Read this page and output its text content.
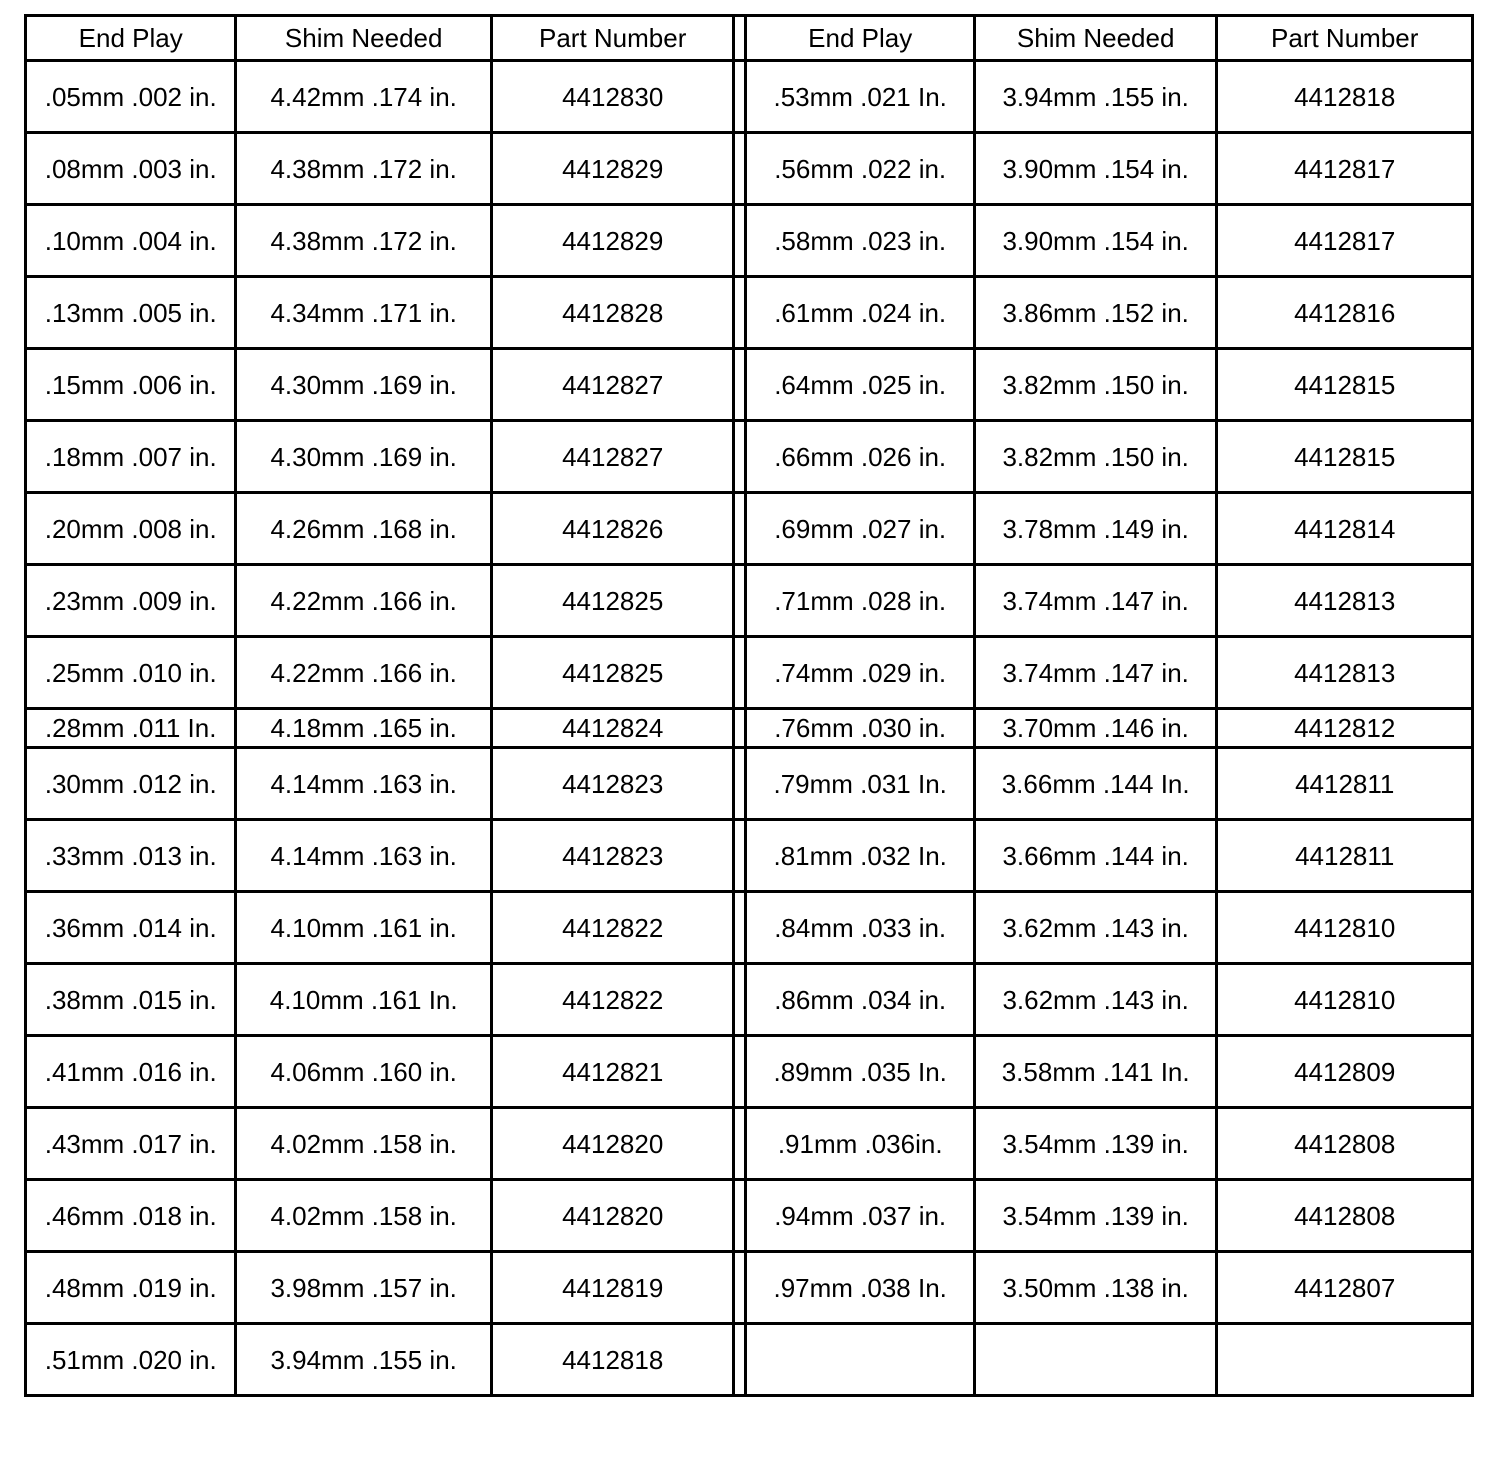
End Play	Shim Needed	Part Number		End Play	Shim Needed	Part Number
.05mm .002 in.	4.42mm .174 in.	4412830		.53mm .021 In.	3.94mm .155 in.	4412818
.08mm .003 in.	4.38mm .172 in.	4412829		.56mm .022 in.	3.90mm .154 in.	4412817
.10mm .004 in.	4.38mm .172 in.	4412829		.58mm .023 in.	3.90mm .154 in.	4412817
.13mm .005 in.	4.34mm .171 in.	4412828		.61mm .024 in.	3.86mm .152 in.	4412816
.15mm .006 in.	4.30mm .169 in.	4412827		.64mm .025 in.	3.82mm .150 in.	4412815
.18mm .007 in.	4.30mm .169 in.	4412827		.66mm .026 in.	3.82mm .150 in.	4412815
.20mm .008 in.	4.26mm .168 in.	4412826		.69mm .027 in.	3.78mm .149 in.	4412814
.23mm .009 in.	4.22mm .166 in.	4412825		.71mm .028 in.	3.74mm .147 in.	4412813
.25mm .010 in.	4.22mm .166 in.	4412825		.74mm .029 in.	3.74mm .147 in.	4412813
.28mm .011 In.	4.18mm .165 in.	4412824		.76mm .030 in.	3.70mm .146 in.	4412812
.30mm .012 in.	4.14mm .163 in.	4412823		.79mm .031 In.	3.66mm .144 In.	4412811
.33mm .013 in.	4.14mm .163 in.	4412823		.81mm .032 In.	3.66mm .144 in.	4412811
.36mm .014 in.	4.10mm .161 in.	4412822		.84mm .033 in.	3.62mm .143 in.	4412810
.38mm .015 in.	4.10mm .161 In.	4412822		.86mm .034 in.	3.62mm .143 in.	4412810
.41mm .016 in.	4.06mm .160 in.	4412821		.89mm .035 In.	3.58mm .141 In.	4412809
.43mm .017 in.	4.02mm .158 in.	4412820		.91mm .036in.	3.54mm .139 in.	4412808
.46mm .018 in.	4.02mm .158 in.	4412820		.94mm .037 in.	3.54mm .139 in.	4412808
.48mm .019 in.	3.98mm .157 in.	4412819		.97mm .038 In.	3.50mm .138 in.	4412807
.51mm .020 in.	3.94mm .155 in.	4412818				
